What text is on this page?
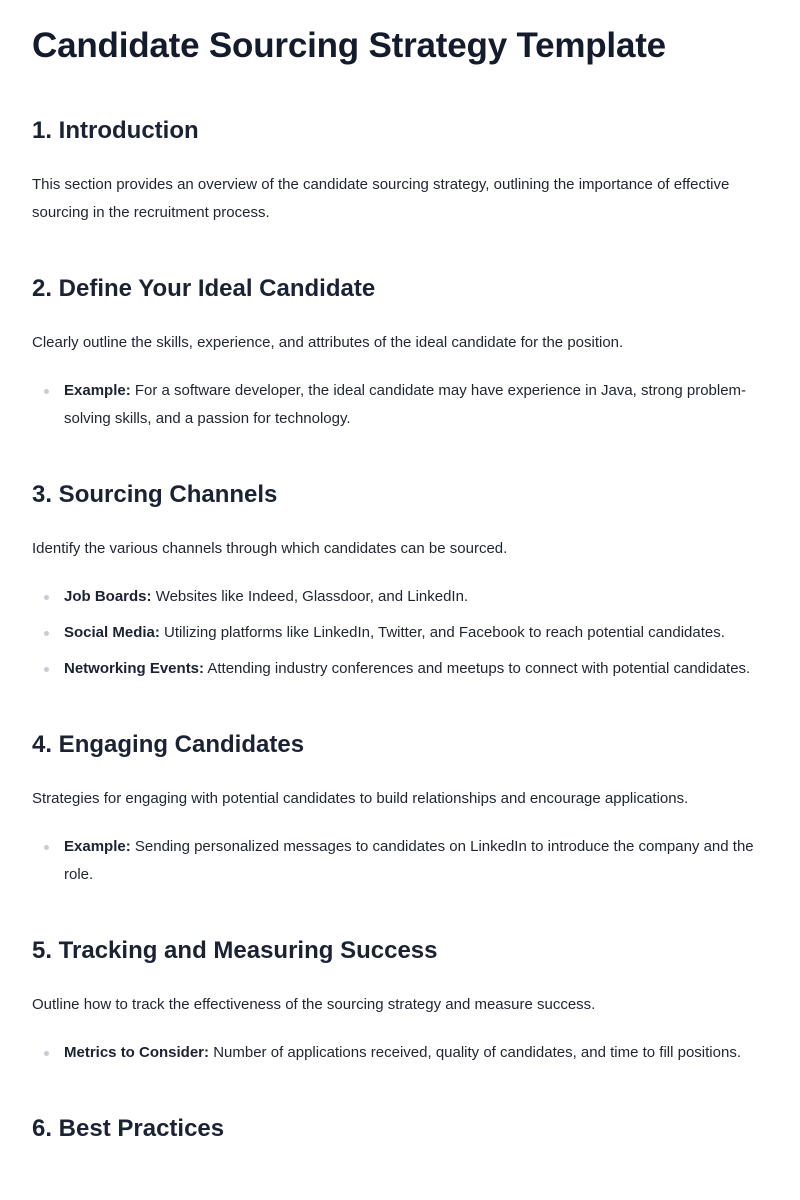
Candidate Sourcing Strategy Template
1. Introduction

This section provides an overview of the candidate sourcing strategy, outlining the importance of effective sourcing in the recruitment process.

2. Define Your Ideal Candidate

Clearly outline the skills, experience, and attributes of the ideal candidate for the position.

Example: For a software developer, the ideal candidate may have experience in Java, strong problem-solving skills, and a passion for technology.
3. Sourcing Channels

Identify the various channels through which candidates can be sourced.

Job Boards: Websites like Indeed, Glassdoor, and LinkedIn.
Social Media: Utilizing platforms like LinkedIn, Twitter, and Facebook to reach potential candidates.
Networking Events: Attending industry conferences and meetups to connect with potential candidates.
4. Engaging Candidates

Strategies for engaging with potential candidates to build relationships and encourage applications.

Example: Sending personalized messages to candidates on LinkedIn to introduce the company and the role.
5. Tracking and Measuring Success

Outline how to track the effectiveness of the sourcing strategy and measure success.

Metrics to Consider: Number of applications received, quality of candidates, and time to fill positions.
6. Best Practices
